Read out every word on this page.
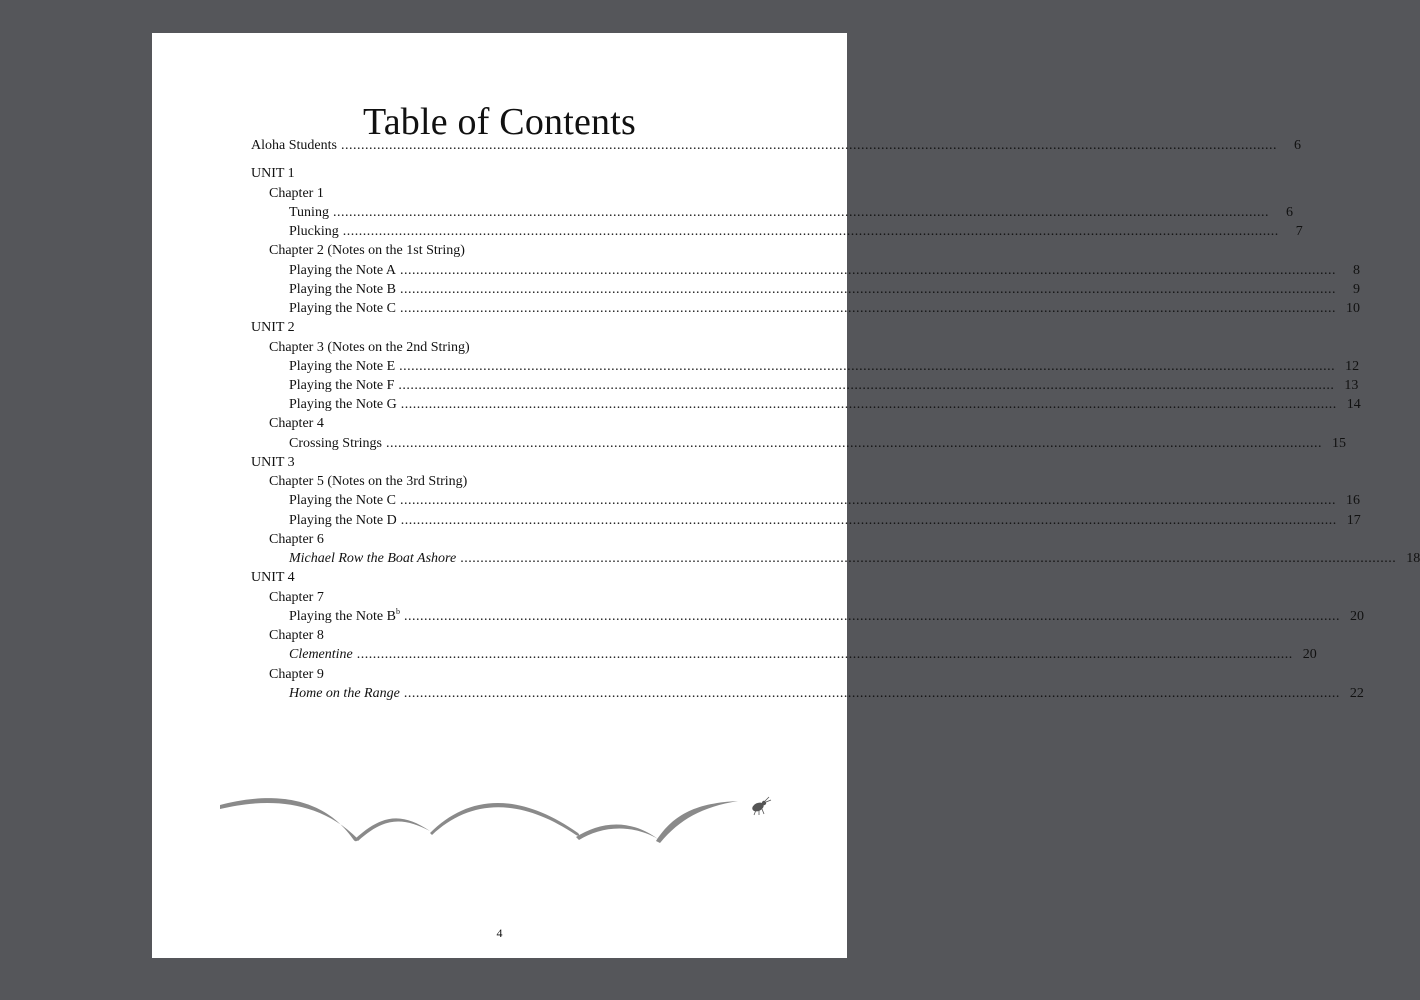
Table of Contents
Aloha Students ..........................................................................................................................................................................................................................................	6
UNIT 1
Chapter 1
Tuning ..........................................................................................................................................................................................................................................	6
Plucking ..........................................................................................................................................................................................................................................	7
Chapter 2 (Notes on the 1st String)
Playing the Note A ..........................................................................................................................................................................................................................................	8
Playing the Note B ..........................................................................................................................................................................................................................................	9
Playing the Note C .......................................................................................................................................................................................................................................... 10
UNIT 2
Chapter 3 (Notes on the 2nd String)
Playing the Note E .......................................................................................................................................................................................................................................... 12
Playing the Note F .......................................................................................................................................................................................................................................... 13
Playing the Note G .......................................................................................................................................................................................................................................... 14
Chapter 4
Crossing Strings .......................................................................................................................................................................................................................................... 15
UNIT 3
Chapter 5 (Notes on the 3rd String)
Playing the Note C .......................................................................................................................................................................................................................................... 16
Playing the Note D .......................................................................................................................................................................................................................................... 17
Chapter 6
Michael Row the Boat Ashore .......................................................................................................................................................................................................................................... 18
UNIT 4
Chapter 7
Playing the Note $B^b$ .......................................................................................................................................................................................................................................... 20
Chapter 8
Clementine .......................................................................................................................................................................................................................................... 20
Chapter 9
Home on the Range .......................................................................................................................................................................................................................................... 22
4
